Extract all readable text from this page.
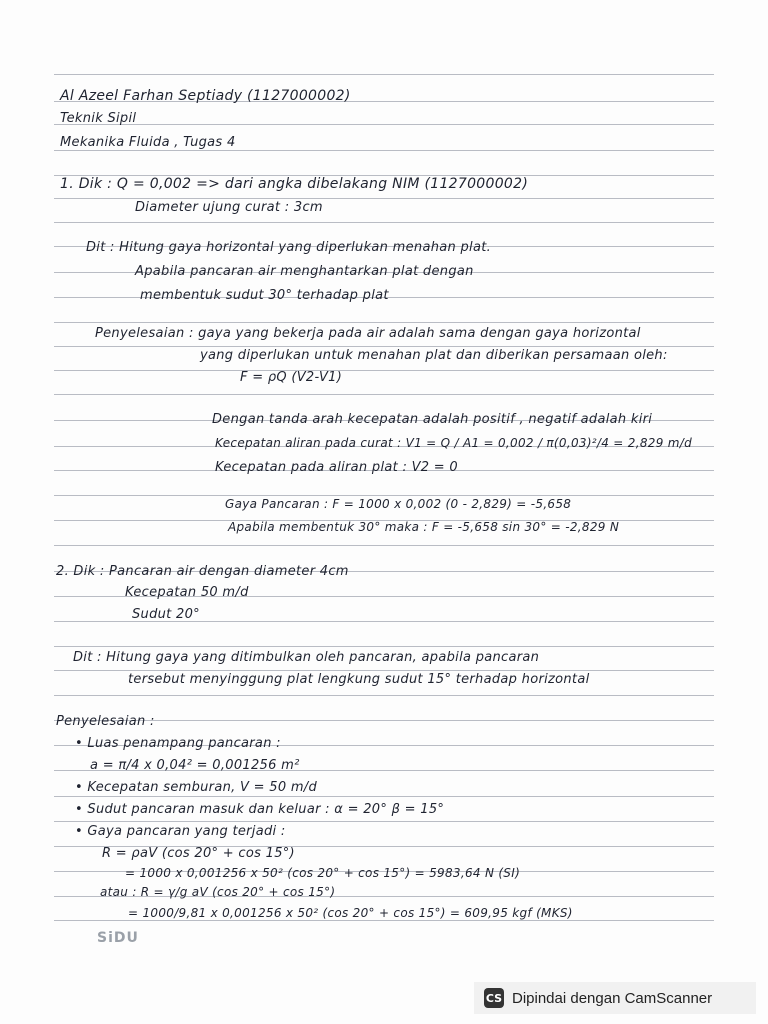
Al Azeel Farhan Septiady (1127000002)
Teknik Sipil
Mekanika Fluida , Tugas 4
1. Dik : Q = 0,002 => dari angka dibelakang NIM (1127000002)
Diameter ujung curat : 3cm
Dit : Hitung gaya horizontal yang diperlukan menahan plat.
Apabila pancaran air menghantarkan plat dengan
membentuk sudut 30° terhadap plat
Penyelesaian : gaya yang bekerja pada air adalah sama dengan gaya horizontal
yang diperlukan untuk menahan plat dan diberikan persamaan oleh:
F = ρQ (V2-V1)
Dengan tanda arah kecepatan adalah positif , negatif adalah kiri
Kecepatan aliran pada curat : V1 = Q / A1 = 0,002 / π(0,03)²/4 = 2,829 m/d
Kecepatan pada aliran plat : V2 = 0
Gaya Pancaran : F = 1000 x 0,002 (0 - 2,829) = -5,658
Apabila membentuk 30° maka : F = -5,658 sin 30° = -2,829 N
2. Dik : Pancaran air dengan diameter 4cm
Kecepatan 50 m/d
Sudut 20°
Dit : Hitung gaya yang ditimbulkan oleh pancaran, apabila pancaran
tersebut menyinggung plat lengkung sudut 15° terhadap horizontal
Penyelesaian :
• Luas penampang pancaran :
a = π/4 x 0,04² = 0,001256 m²
• Kecepatan semburan, V = 50 m/d
• Sudut pancaran masuk dan keluar : α = 20° β = 15°
• Gaya pancaran yang terjadi :
R = ρaV (cos 20° + cos 15°)
= 1000 x 0,001256 x 50² (cos 20° + cos 15°) = 5983,64 N (SI)
atau : R = γ/g aV (cos 20° + cos 15°)
= 1000/9,81 x 0,001256 x 50² (cos 20° + cos 15°) = 609,95 kgf (MKS)
SiDU
CS Dipindai dengan CamScanner
